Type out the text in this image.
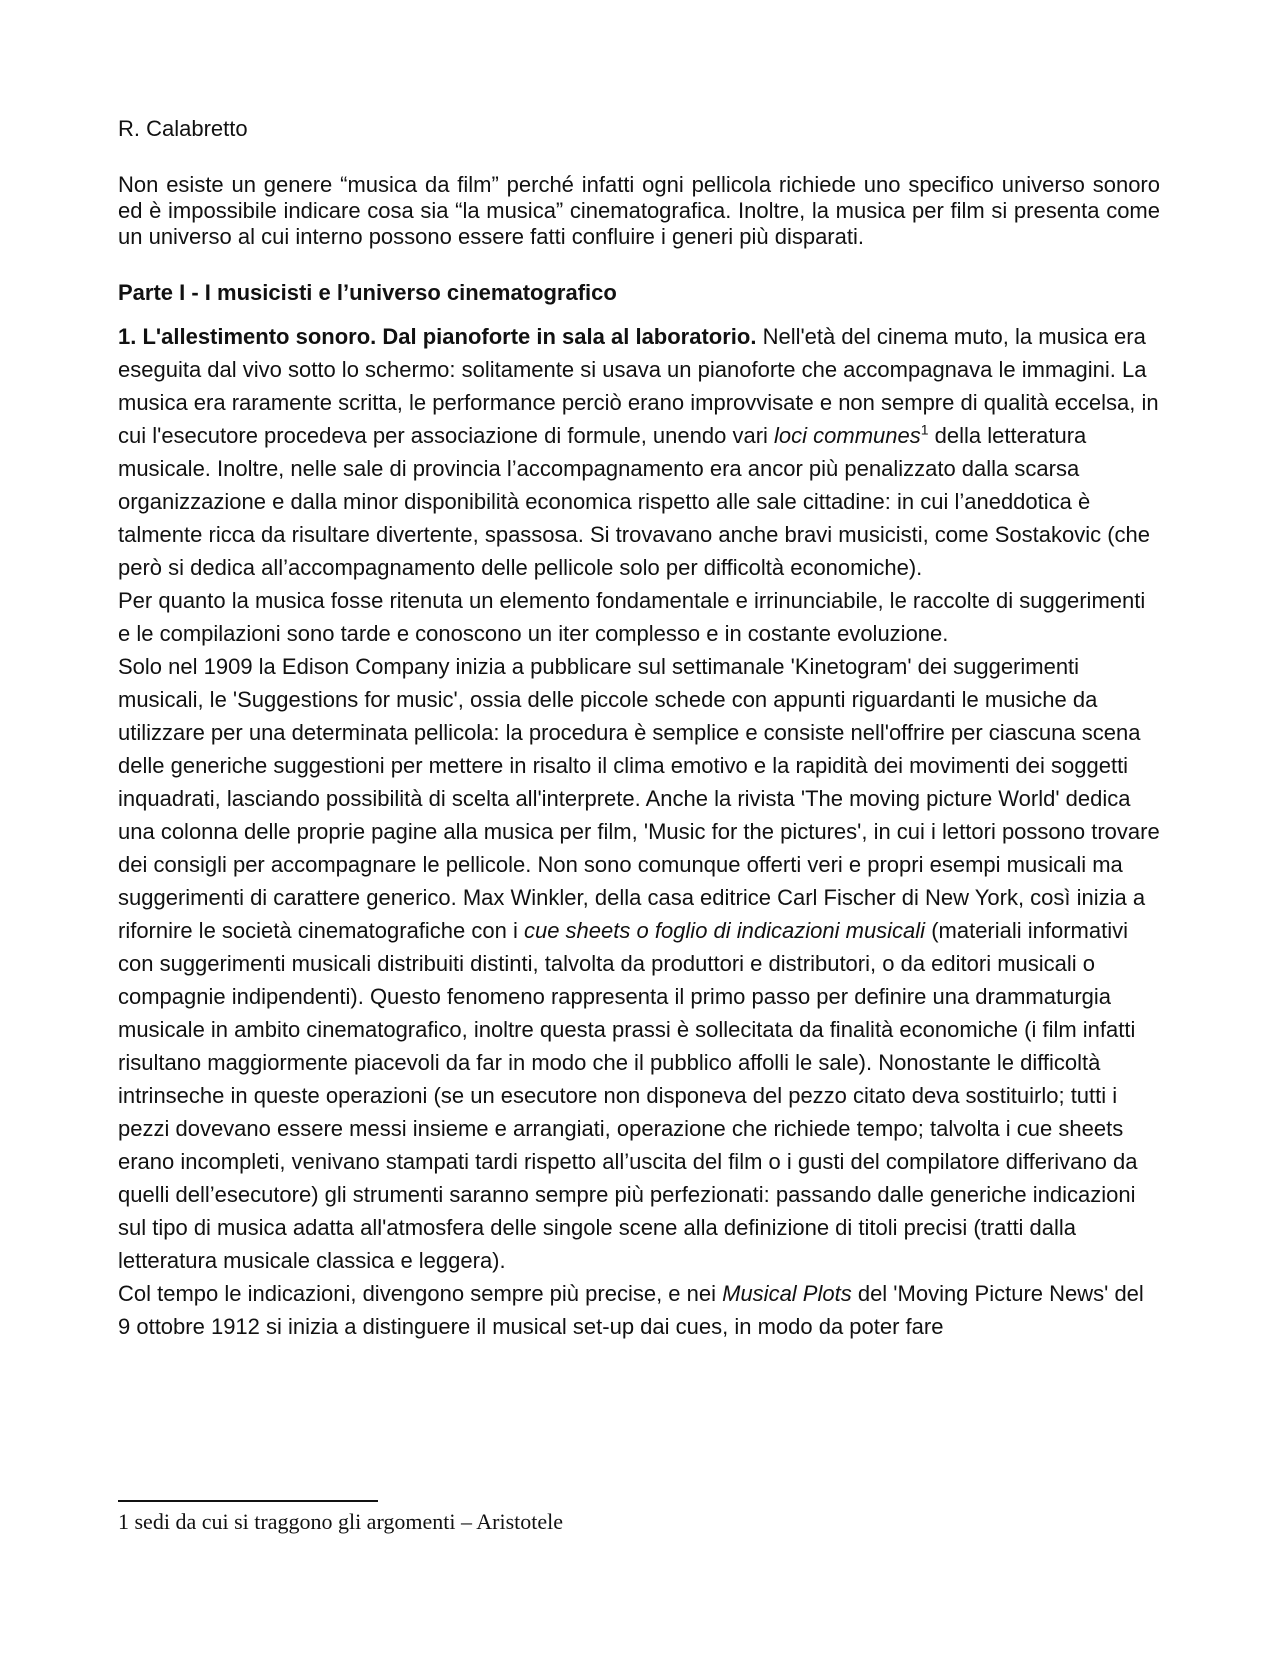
R. Calabretto

Non esiste un genere “musica da film” perché infatti ogni pellicola richiede uno specifico universo sonoro ed è impossibile indicare cosa sia “la musica” cinematografica. Inoltre, la musica per film si presenta come un universo al cui interno possono essere fatti confluire i generi più disparati.

Parte I - I musicisti e l’universo cinematografico

1. L'allestimento sonoro. Dal pianoforte in sala al laboratorio. Nell'età del cinema muto, la musica era eseguita dal vivo sotto lo schermo: solitamente si usava un pianoforte che accompagnava le immagini. La musica era raramente scritta, le performance perciò erano improvvisate e non sempre di qualità eccelsa, in cui l'esecutore procedeva per associazione di formule, unendo vari loci communes$^1$ della letteratura musicale. Inoltre, nelle sale di provincia l’accompagnamento era ancor più penalizzato dalla scarsa organizzazione e dalla minor disponibilità economica rispetto alle sale cittadine: in cui l’aneddotica è talmente ricca da risultare divertente, spassosa. Si trovavano anche bravi musicisti, come Sostakovic (che però si dedica all’accompagnamento delle pellicole solo per difficoltà economiche).

Per quanto la musica fosse ritenuta un elemento fondamentale e irrinunciabile, le raccolte di suggerimenti e le compilazioni sono tarde e conoscono un iter complesso e in costante evoluzione.

Solo nel 1909 la Edison Company inizia a pubblicare sul settimanale 'Kinetogram' dei suggerimenti musicali, le 'Suggestions for music', ossia delle piccole schede con appunti riguardanti le musiche da utilizzare per una determinata pellicola: la procedura è semplice e consiste nell'offrire per ciascuna scena delle generiche suggestioni per mettere in risalto il clima emotivo e la rapidità dei movimenti dei soggetti inquadrati, lasciando possibilità di scelta all'interprete. Anche la rivista 'The moving picture World' dedica una colonna delle proprie pagine alla musica per film, 'Music for the pictures', in cui i lettori possono trovare dei consigli per accompagnare le pellicole. Non sono comunque offerti veri e propri esempi musicali ma suggerimenti di carattere generico. Max Winkler, della casa editrice Carl Fischer di New York, così inizia a rifornire le società cinematografiche con i cue sheets o foglio di indicazioni musicali (materiali informativi con suggerimenti musicali distribuiti distinti, talvolta da produttori e distributori, o da editori musicali o compagnie indipendenti). Questo fenomeno rappresenta il primo passo per definire una drammaturgia musicale in ambito cinematografico, inoltre questa prassi è sollecitata da finalità economiche (i film infatti risultano maggiormente piacevoli da far in modo che il pubblico affolli le sale). Nonostante le difficoltà intrinseche in queste operazioni (se un esecutore non disponeva del pezzo citato deva sostituirlo; tutti i pezzi dovevano essere messi insieme e arrangiati, operazione che richiede tempo; talvolta i cue sheets erano incompleti, venivano stampati tardi rispetto all’uscita del film o i gusti del compilatore differivano da quelli dell’esecutore) gli strumenti saranno sempre più perfezionati: passando dalle generiche indicazioni sul tipo di musica adatta all'atmosfera delle singole scene alla definizione di titoli precisi (tratti dalla letteratura musicale classica e leggera).

Col tempo le indicazioni, divengono sempre più precise, e nei Musical Plots del 'Moving Picture News' del 9 ottobre 1912 si inizia a distinguere il musical set-up dai cues, in modo da poter fare

1 sedi da cui si traggono gli argomenti – Aristotele
